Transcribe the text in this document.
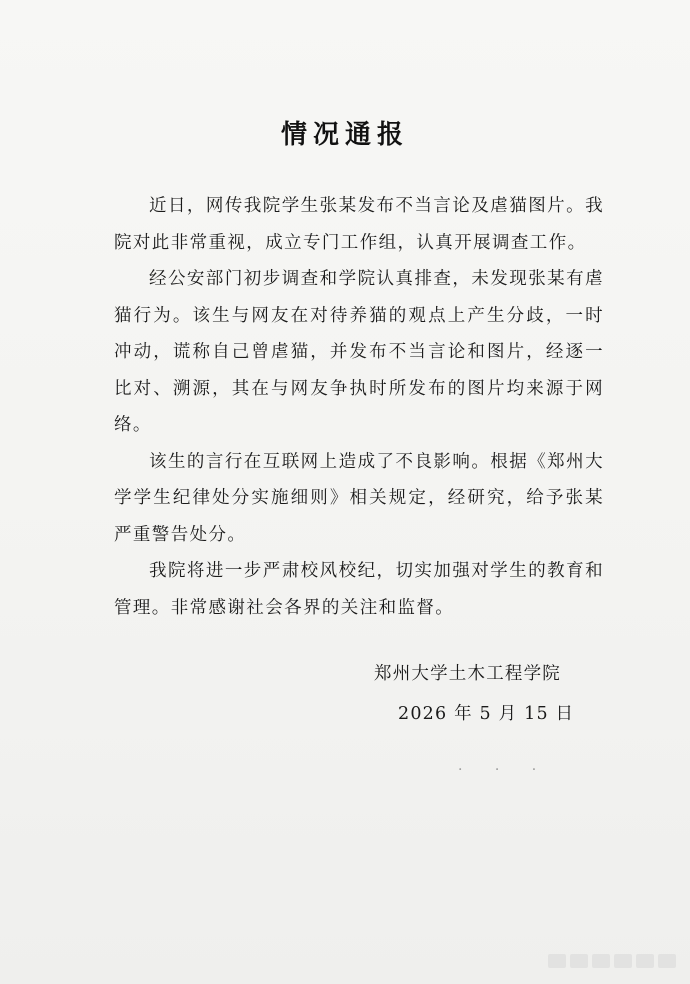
情况通报

近日，网传我院学生张某发布不当言论及虐猫图片。我院对此非常重视，成立专门工作组，认真开展调查工作。

经公安部门初步调查和学院认真排查，未发现张某有虐猫行为。该生与网友在对待养猫的观点上产生分歧，一时冲动，谎称自己曾虐猫，并发布不当言论和图片，经逐一比对、溯源，其在与网友争执时所发布的图片均来源于网络。

该生的言行在互联网上造成了不良影响。根据《郑州大学学生纪律处分实施细则》相关规定，经研究，给予张某严重警告处分。

我院将进一步严肃校风校纪，切实加强对学生的教育和管理。非常感谢社会各界的关注和监督。

郑州大学土木工程学院
2026 年 5 月 15 日
· · ·
